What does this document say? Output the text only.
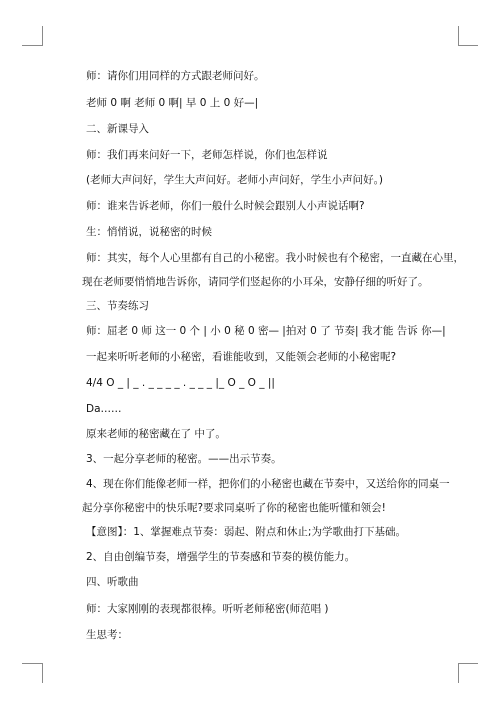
师：请你们用同样的方式跟老师问好。
老师 0 啊 老师 0 啊| 早 0 上 0 好—|
二、新课导入
师：我们再来问好一下，老师怎样说，你们也怎样说
(老师大声问好，学生大声问好。老师小声问好，学生小声问好。)
师：谁来告诉老师，你们一般什么时候会跟别人小声说话啊?
生：悄悄说，说秘密的时候
师：其实，每个人心里都有自己的小秘密。我小时候也有个秘密，一直藏在心里，
现在老师要悄悄地告诉你，请同学们竖起你的小耳朵，安静仔细的听好了。
三、节奏练习
师：屈老 0 师 这一 0 个 | 小 0 秘 0 密— |拍对 0 了 节奏| 我才能 告诉 你—|
一起来听听老师的小秘密，看谁能收到，又能领会老师的小秘密呢?
4/4 O _ | _ . _ _ _ _ . _ _ _ |_ O _ O _ ||
Da……
原来老师的秘密藏在了 中了。
3、一起分享老师的秘密。——出示节奏。
4、现在你们能像老师一样，把你们的小秘密也藏在节奏中，又送给你的同桌一
起分享你秘密中的快乐呢?要求同桌听了你的秘密也能听懂和领会!
【意图】：1、掌握难点节奏：弱起、附点和休止;为学歌曲打下基础。
2、自由创编节奏，增强学生的节奏感和节奏的模仿能力。
四、听歌曲
师：大家刚刚的表现都很棒。听听老师秘密(师范唱 )
生思考：
